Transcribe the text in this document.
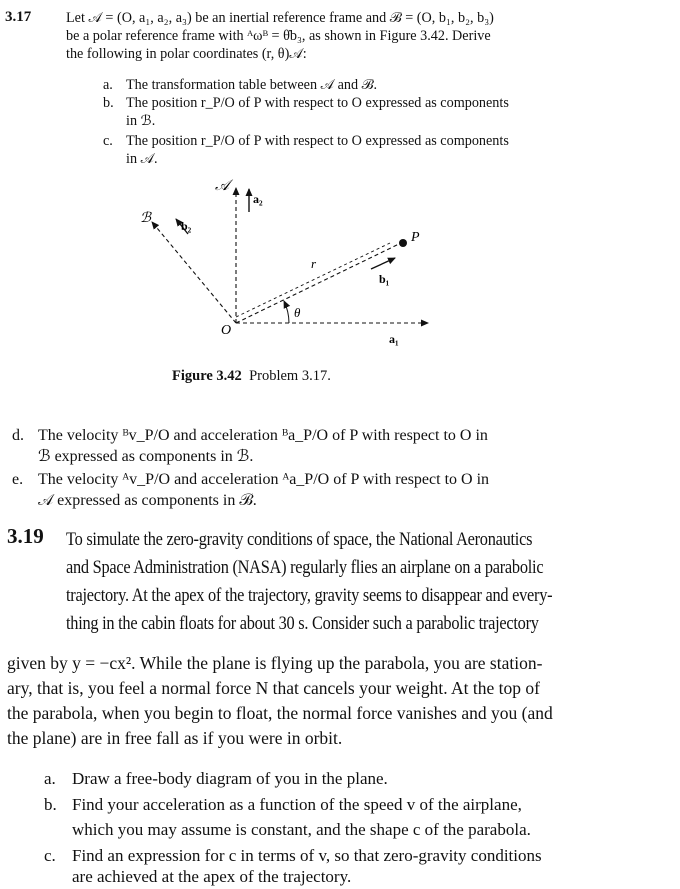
3.17 Let 𝒜 = (O, a₁, a₂, a₃) be an inertial reference frame and ℬ = (O, b₁, b₂, b₃)
be a polar reference frame with ᴬωᴮ = θ̇b₃, as shown in Figure 3.42. Derive
the following in polar coordinates (r, θ)𝒜:
a. The transformation table between 𝒜 and ℬ.
b. The position r_P/O of P with respect to O expressed as components
in ℬ.
c. The position r_P/O of P with respect to O expressed as components
in 𝒜.
𝒜
a₂
ℬ b₂
P
r
b₁
θ
O
a₁
Figure 3.42 Problem 3.17.
d. The velocity ᴮv_P/O and acceleration ᴮa_P/O of P with respect to O in
ℬ expressed as components in ℬ.
e. The velocity ᴬv_P/O and acceleration ᴬa_P/O of P with respect to O in
𝒜 expressed as components in ℬ.
3.19 To simulate the zero-gravity conditions of space, the National Aeronautics
and Space Administration (NASA) regularly flies an airplane on a parabolic
trajectory. At the apex of the trajectory, gravity seems to disappear and every-
thing in the cabin floats for about 30 s. Consider such a parabolic trajectory
given by y = −cx². While the plane is flying up the parabola, you are station-
ary, that is, you feel a normal force N that cancels your weight. At the top of
the parabola, when you begin to float, the normal force vanishes and you (and
the plane) are in free fall as if you were in orbit.
a. Draw a free-body diagram of you in the plane.
b. Find your acceleration as a function of the speed v of the airplane,
which you may assume is constant, and the shape c of the parabola.
c. Find an expression for c in terms of v, so that zero-gravity conditions
are achieved at the apex of the trajectory.
